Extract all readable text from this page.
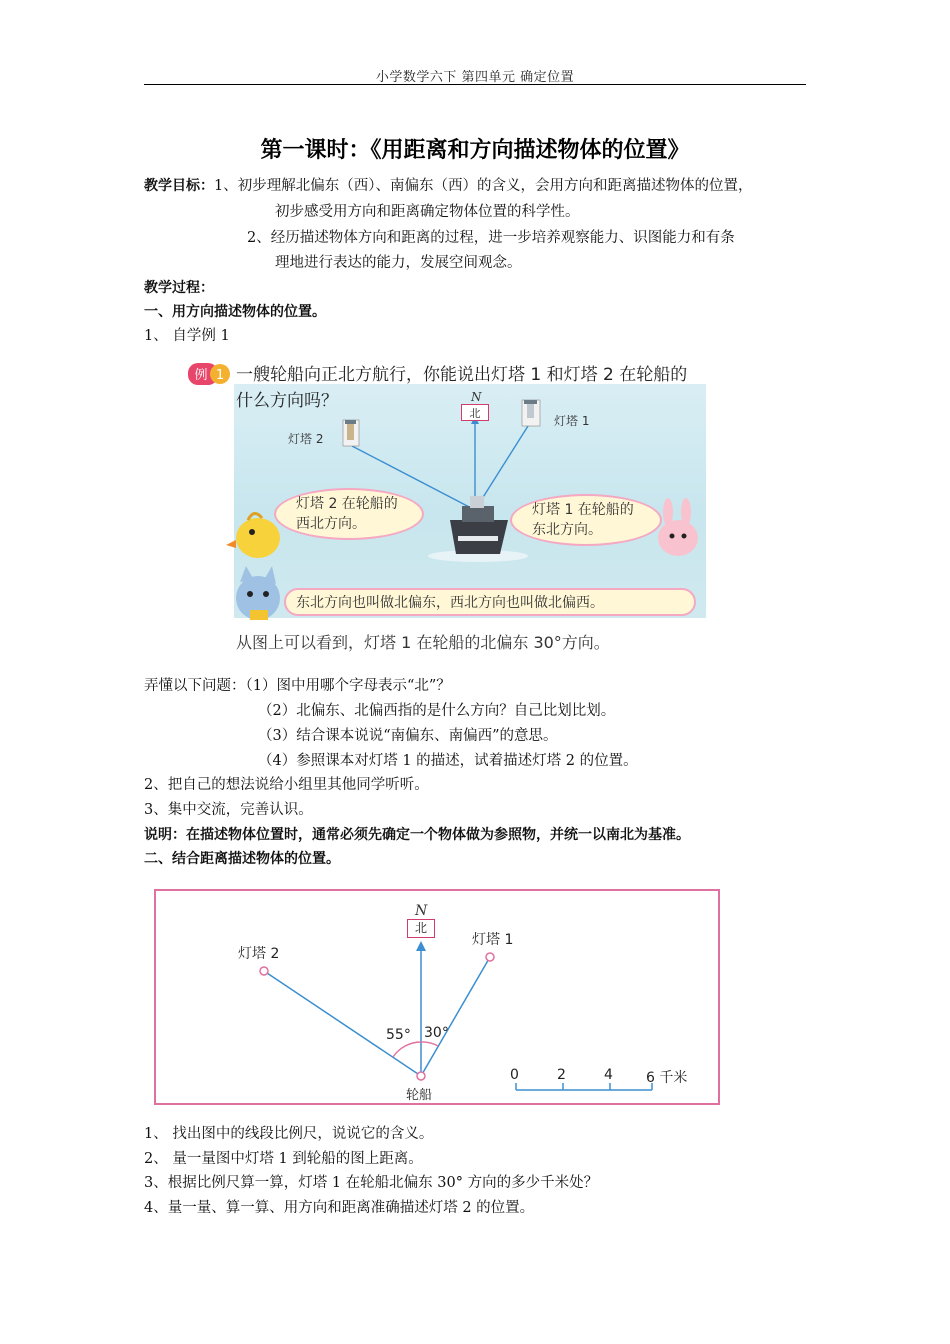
小学数学六下 第四单元 确定位置
第一课时：《用距离和方向描述物体的位置》
教学目标：1、初步理解北偏东（西）、南偏东（西）的含义，会用方向和距离描述物体的位置，
初步感受用方向和距离确定物体位置的科学性。
2、经历描述物体方向和距离的过程，进一步培养观察能力、识图能力和有条
理地进行表达的能力，发展空间观念。
教学过程：
一、用方向描述物体的位置。
1、 自学例 1
例 1 一艘轮船向正北方航行，你能说出灯塔 1 和灯塔 2 在轮船的
什么方向吗？	N
北
灯塔 1
灯塔 2
灯塔 2 在轮船的
西北方向。
灯塔 1 在轮船的
东北方向。
东北方向也叫做北偏东，西北方向也叫做北偏西。
从图上可以看到，灯塔 1 在轮船的北偏东 30°方向。
弄懂以下问题：（1）图中用哪个字母表示“北”？
（2）北偏东、北偏西指的是什么方向？自己比划比划。
（3）结合课本说说“南偏东、南偏西”的意思。
（4）参照课本对灯塔 1 的描述，试着描述灯塔 2 的位置。
2、把自己的想法说给小组里其他同学听听。
3、集中交流，完善认识。
说明：在描述物体位置时，通常必须先确定一个物体做为参照物，并统一以南北为基准。
二、结合距离描述物体的位置。
N
北
灯塔 2
灯塔 1
55° 30°
轮船
0	2	4 6 千米
1、 找出图中的线段比例尺，说说它的含义。
2、 量一量图中灯塔 1 到轮船的图上距离。
3、根据比例尺算一算，灯塔 1 在轮船北偏东 30° 方向的多少千米处？
4、量一量、算一算、用方向和距离准确描述灯塔 2 的位置。
